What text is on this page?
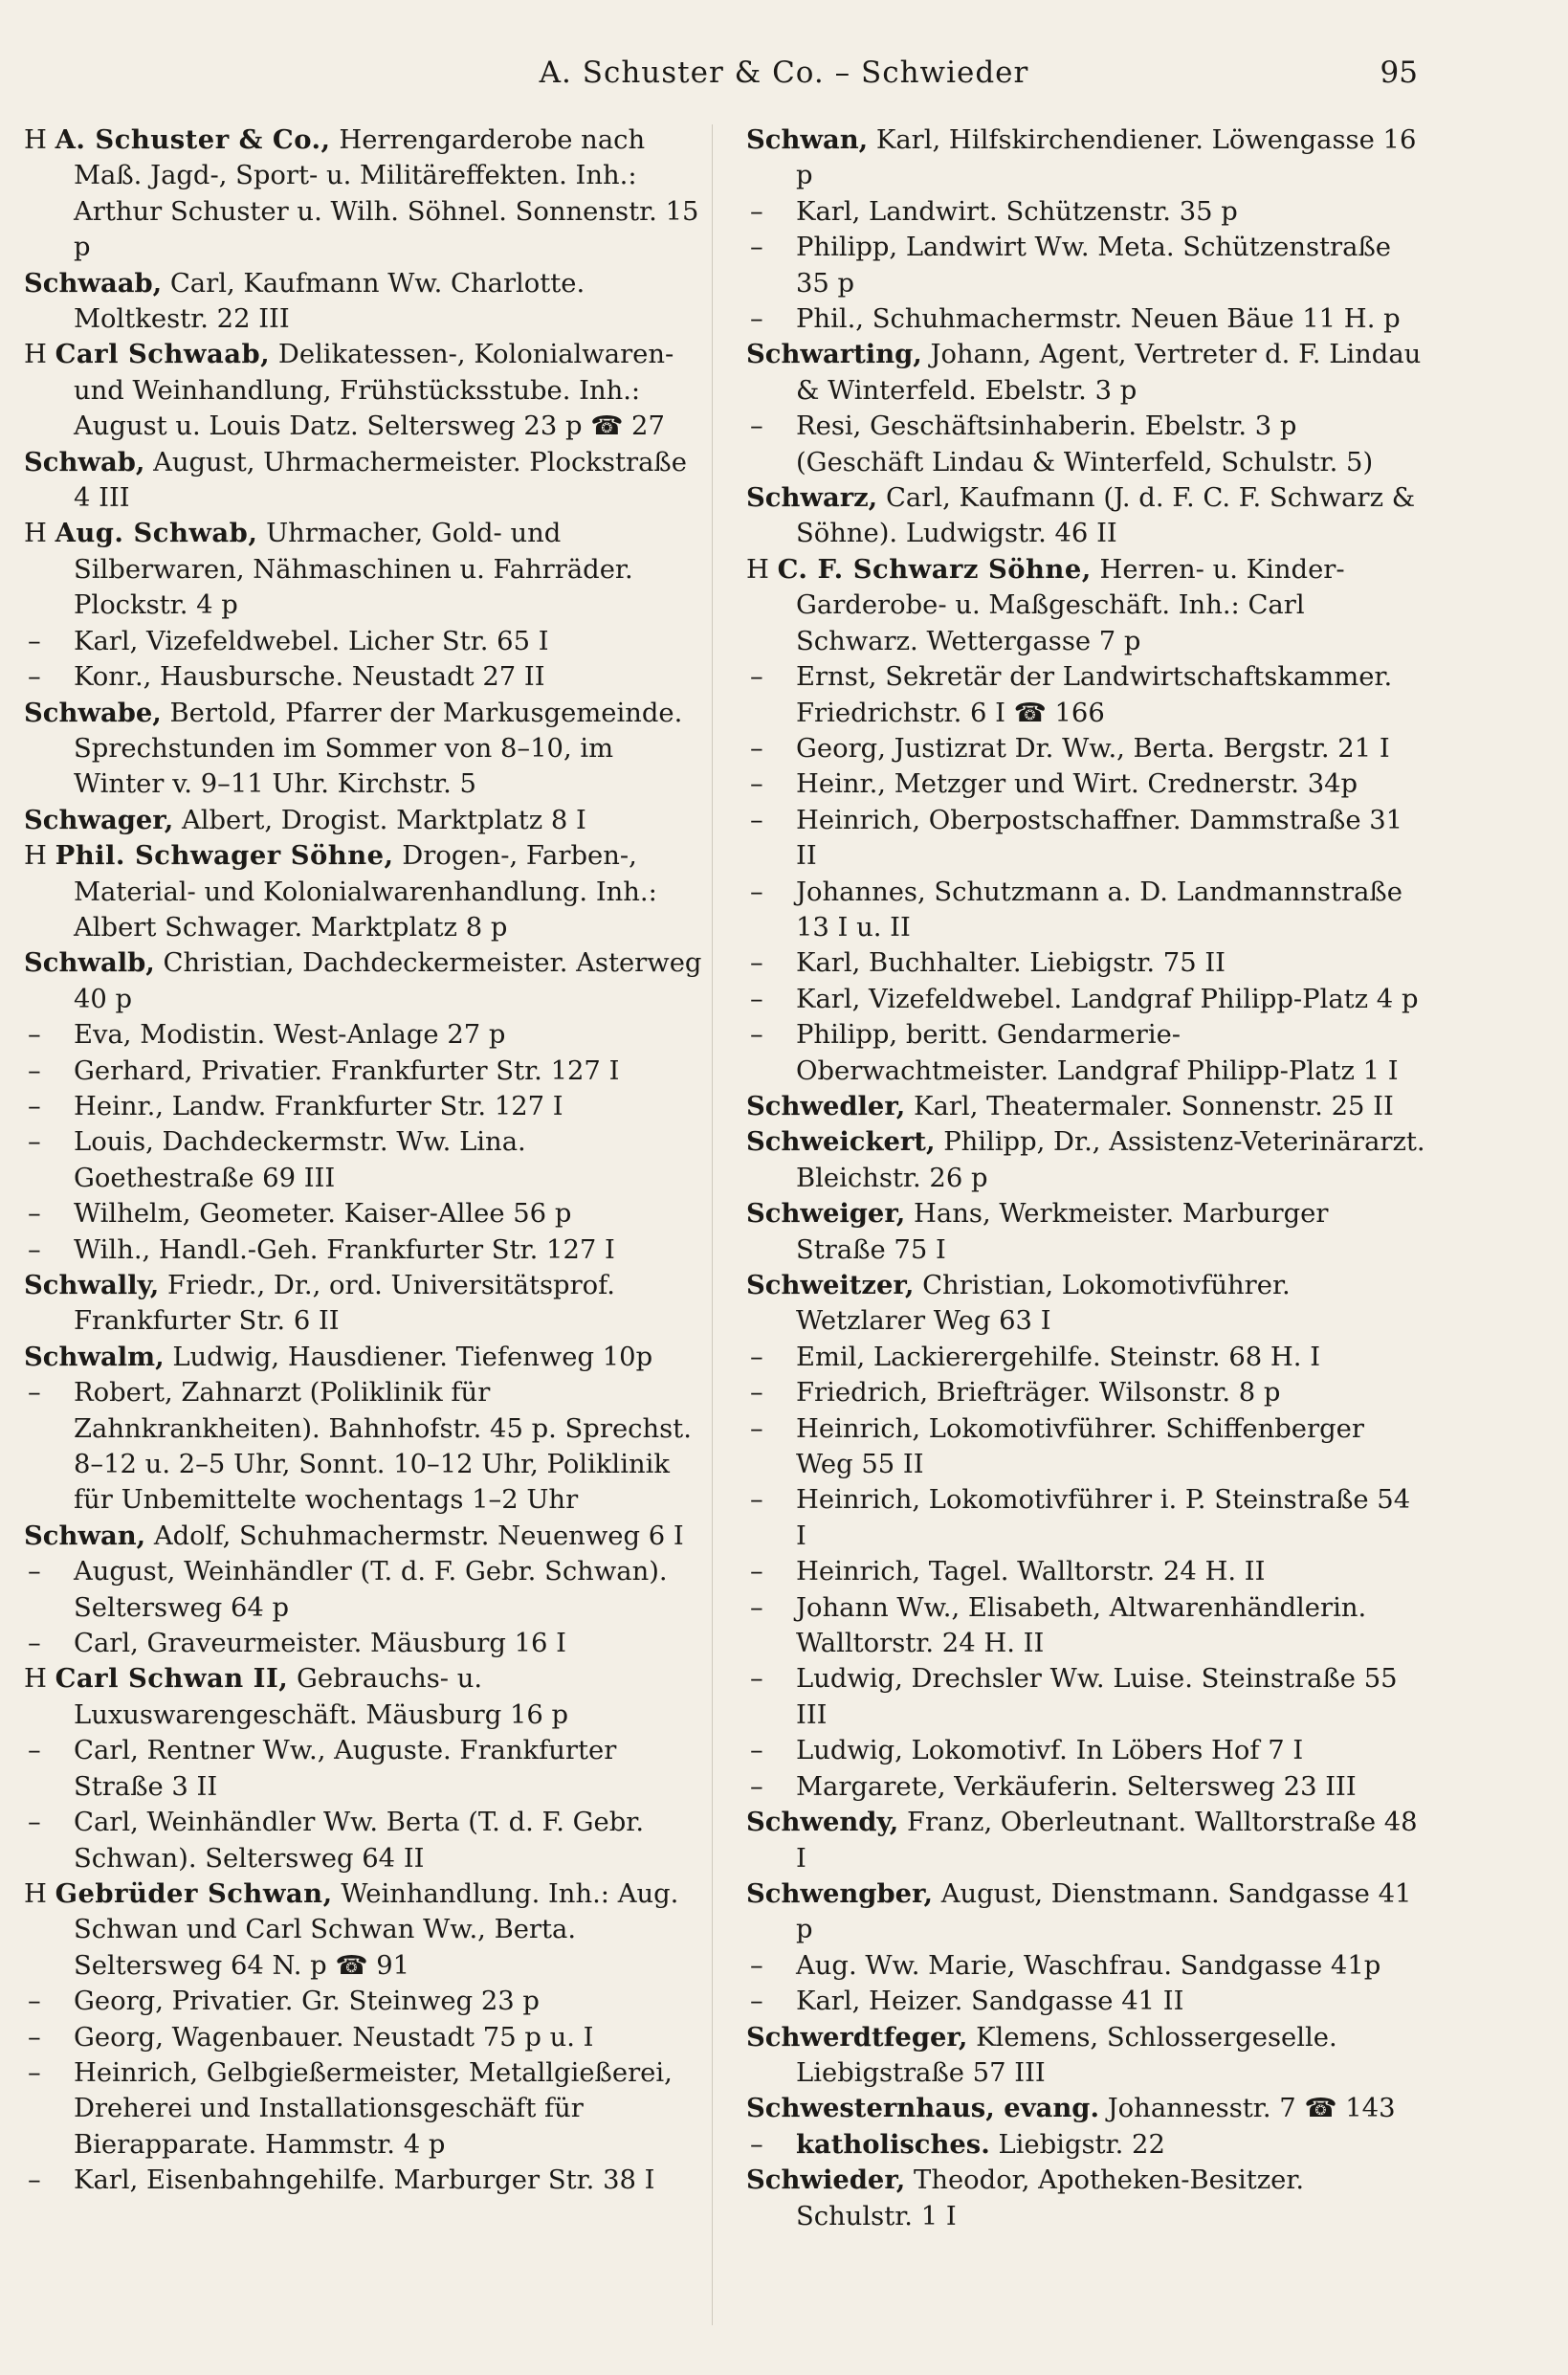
A. Schuster & Co. – Schwieder	95

H A. Schuster & Co., Herrengarderobe nach Maß. Jagd-, Sport- u. Militäreffekten. Inh.: Arthur Schuster u. Wilh. Söhnel. Sonnenstr. 15 p

Schwaab, Carl, Kaufmann Ww. Charlotte. Moltkestr. 22 III

H Carl Schwaab, Delikatessen-, Kolonialwaren- und Weinhandlung, Frühstücksstube. Inh.: August u. Louis Datz. Seltersweg 23 p ☎ 27

Schwab, August, Uhrmachermeister. Plockstraße 4 III

H Aug. Schwab, Uhrmacher, Gold- und Silberwaren, Nähmaschinen u. Fahrräder. Plockstr. 4 p

–Karl, Vizefeldwebel. Licher Str. 65 I

–Konr., Hausbursche. Neustadt 27 II

Schwabe, Bertold, Pfarrer der Markusgemeinde. Sprechstunden im Sommer von 8–10, im Winter v. 9–11 Uhr. Kirchstr. 5

Schwager, Albert, Drogist. Marktplatz 8 I

H Phil. Schwager Söhne, Drogen-, Farben-, Material- und Kolonialwarenhandlung. Inh.: Albert Schwager. Marktplatz 8 p

Schwalb, Christian, Dachdeckermeister. Asterweg 40 p

–Eva, Modistin. West-Anlage 27 p

–Gerhard, Privatier. Frankfurter Str. 127 I

–Heinr., Landw. Frankfurter Str. 127 I

–Louis, Dachdeckermstr. Ww. Lina. Goethestraße 69 III

–Wilhelm, Geometer. Kaiser-Allee 56 p

–Wilh., Handl.-Geh. Frankfurter Str. 127 I

Schwally, Friedr., Dr., ord. Universitätsprof. Frankfurter Str. 6 II

Schwalm, Ludwig, Hausdiener. Tiefenweg 10p

–Robert, Zahnarzt (Poliklinik für Zahnkrankheiten). Bahnhofstr. 45 p. Sprechst. 8–12 u. 2–5 Uhr, Sonnt. 10–12 Uhr, Poliklinik für Unbemittelte wochentags 1–2 Uhr

Schwan, Adolf, Schuhmachermstr. Neuenweg 6 I

–August, Weinhändler (T. d. F. Gebr. Schwan). Seltersweg 64 p

–Carl, Graveurmeister. Mäusburg 16 I

H Carl Schwan II, Gebrauchs- u. Luxuswarengeschäft. Mäusburg 16 p

–Carl, Rentner Ww., Auguste. Frankfurter Straße 3 II

–Carl, Weinhändler Ww. Berta (T. d. F. Gebr. Schwan). Seltersweg 64 II

H Gebrüder Schwan, Weinhandlung. Inh.: Aug. Schwan und Carl Schwan Ww., Berta. Seltersweg 64 N. p ☎ 91

–Georg, Privatier. Gr. Steinweg 23 p

–Georg, Wagenbauer. Neustadt 75 p u. I

–Heinrich, Gelbgießermeister, Metallgießerei, Dreherei und Installationsgeschäft für Bierapparate. Hammstr. 4 p

–Karl, Eisenbahngehilfe. Marburger Str. 38 I

Schwan, Karl, Hilfskirchendiener. Löwengasse 16 p

–Karl, Landwirt. Schützenstr. 35 p

–Philipp, Landwirt Ww. Meta. Schützenstraße 35 p

–Phil., Schuhmachermstr. Neuen Bäue 11 H. p

Schwarting, Johann, Agent, Vertreter d. F. Lindau & Winterfeld. Ebelstr. 3 p

–Resi, Geschäftsinhaberin. Ebelstr. 3 p (Geschäft Lindau & Winterfeld, Schulstr. 5)

Schwarz, Carl, Kaufmann (J. d. F. C. F. Schwarz & Söhne). Ludwigstr. 46 II

H C. F. Schwarz Söhne, Herren- u. Kinder-Garderobe- u. Maßgeschäft. Inh.: Carl Schwarz. Wettergasse 7 p

–Ernst, Sekretär der Landwirtschaftskammer. Friedrichstr. 6 I ☎ 166

–Georg, Justizrat Dr. Ww., Berta. Bergstr. 21 I

–Heinr., Metzger und Wirt. Crednerstr. 34p

–Heinrich, Oberpostschaffner. Dammstraße 31 II

–Johannes, Schutzmann a. D. Landmannstraße 13 I u. II

–Karl, Buchhalter. Liebigstr. 75 II

–Karl, Vizefeldwebel. Landgraf Philipp-Platz 4 p

–Philipp, beritt. Gendarmerie-Oberwachtmeister. Landgraf Philipp-Platz 1 I

Schwedler, Karl, Theatermaler. Sonnenstr. 25 II

Schweickert, Philipp, Dr., Assistenz-Veterinärarzt. Bleichstr. 26 p

Schweiger, Hans, Werkmeister. Marburger Straße 75 I

Schweitzer, Christian, Lokomotivführer. Wetzlarer Weg 63 I

–Emil, Lackierergehilfe. Steinstr. 68 H. I

–Friedrich, Briefträger. Wilsonstr. 8 p

–Heinrich, Lokomotivführer. Schiffenberger Weg 55 II

–Heinrich, Lokomotivführer i. P. Steinstraße 54 I

–Heinrich, Tagel. Walltorstr. 24 H. II

–Johann Ww., Elisabeth, Altwarenhändlerin. Walltorstr. 24 H. II

–Ludwig, Drechsler Ww. Luise. Steinstraße 55 III

–Ludwig, Lokomotivf. In Löbers Hof 7 I

–Margarete, Verkäuferin. Seltersweg 23 III

Schwendy, Franz, Oberleutnant. Walltorstraße 48 I

Schwengber, August, Dienstmann. Sandgasse 41 p

–Aug. Ww. Marie, Waschfrau. Sandgasse 41p

–Karl, Heizer. Sandgasse 41 II

Schwerdtfeger, Klemens, Schlossergeselle. Liebigstraße 57 III

Schwesternhaus, evang. Johannesstr. 7 ☎ 143

–katholisches. Liebigstr. 22

Schwieder, Theodor, Apotheken-Besitzer. Schulstr. 1 I
